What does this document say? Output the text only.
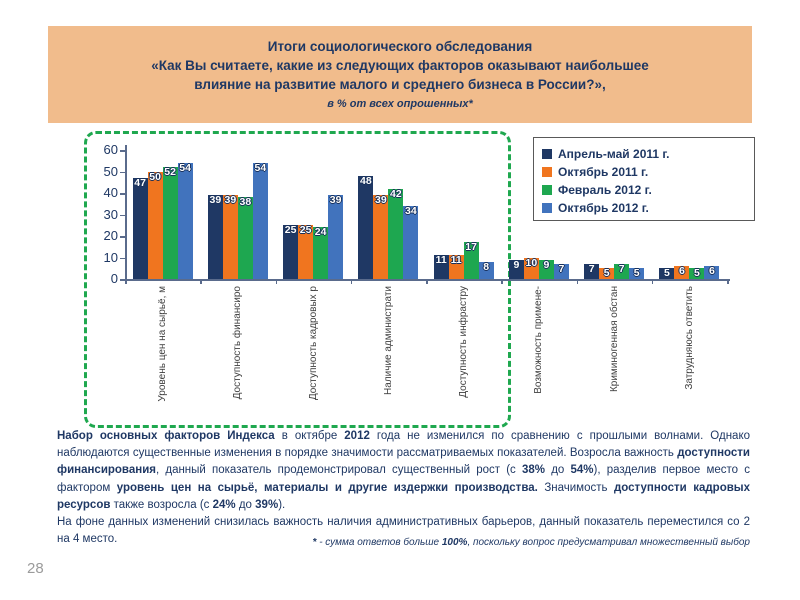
Итоги социологического обследования
«Как Вы считаете, какие из следующих факторов оказывают наибольшее
влияние на развитие малого и среднего бизнеса в России?»,
в % от всех опрошенных*
0
10
20
30
40
50
60
47
50 52 54
Уровень цен на сырьё, м
39 39 38
54
Доступность финансиро
25 25 24
39
Доступность кадровых р
48
39
42
34
Наличие администрати
11 11
17
8
Доступность инфрастру
9 10 9 7
Возможность примене-
7 5 7 5
Криминогенная обстан
5 6 5 6
Затрудняюсь ответить
Апрель-май 2011 г.
Октябрь 2011 г.
Февраль 2012 г.
Октябрь 2012 г.
Набор основных факторов Индекса в октябре 2012 года не изменился по сравнению с прошлыми волнами. Однако наблюдаются существенные изменения в порядке значимости рассматриваемых показателей. Возросла важность доступности финансирования, данный показатель продемонстрировал существенный рост (с 38% до 54%), разделив первое место с фактором уровень цен на сырьё, материалы и другие издержки производства. Значимость доступности кадровых ресурсов также возросла (с 24% до 39%).
На фоне данных изменений снизилась важность наличия административных барьеров, данный показатель переместился со 2 на 4 место.	* - сумма ответов больше 100%, поскольку вопрос предусматривал множественный выбор
28
